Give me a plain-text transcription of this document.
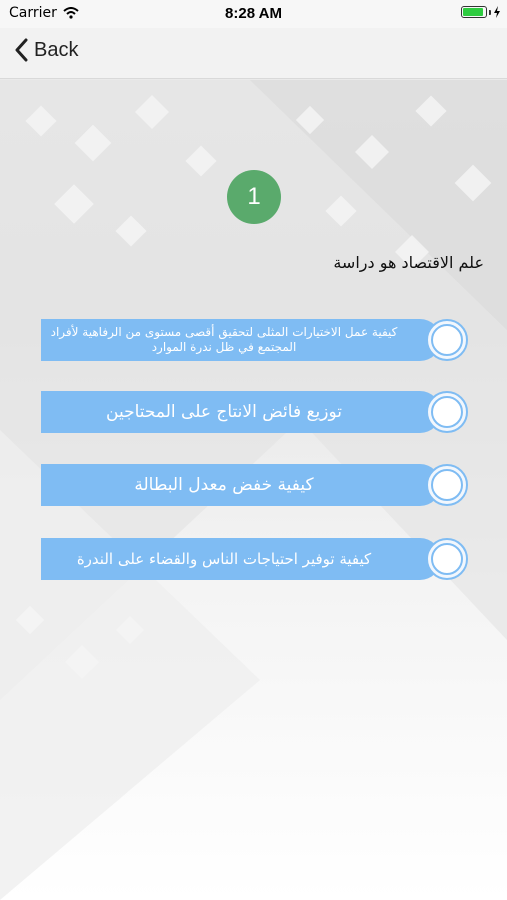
Carrier	8:28 AM
Back
1
علم الاقتصاد هو دراسة
كيفية عمل الاختيارات المثلى لتحقيق أقصى مستوى من الرفاهية لأفراد المجتمع في ظل ندرة الموارد
توزيع فائض الانتاج على المحتاجين
كيفية خفض معدل البطالة
كيفية توفير احتياجات الناس والقضاء على الندرة
